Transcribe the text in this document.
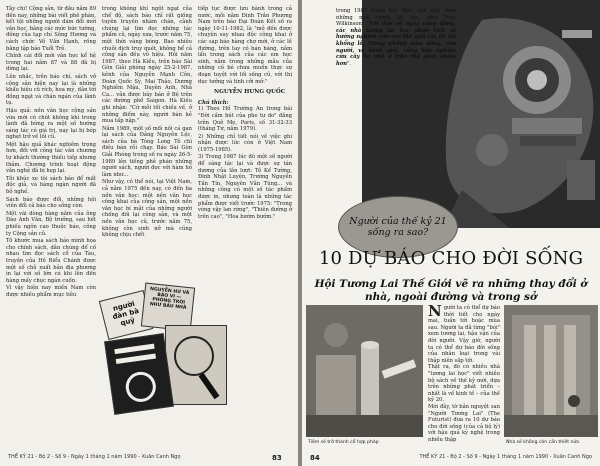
Tây chi! Cộng sản, từ đầu năm 89 đến nay, những bài viết phê phán, kết tội những người dám đổi mới văn học, bằng các mức bức tường, đông của tạp chí Sông Hương và cách chức Võ Văn Hạnh, rồng bằng tập báo Tuổi Trẻ.

Chính cái đổi mới văn học kể hệ trong hai năm 87 và 88 đã bị dừng lại.

Lên nhắc, trên báo chí, sách vở cộng sản hiện nay lại là những khẩu hiệu cũ rích, hoa mỹ, dẫn tới đồng ngạt và chán ngán của lãnh tụ.

Hậu quả: nền văn học cộng sản vừa mới có chút không khí trong lành đã bừng ra một số hướng sáng tác có giá trị, nay lại bị bóp nghẹt trở về lối cũ.

Một hậu quả khác nghiêm trọng hơn, đối với công tác văn chương tự khách thường thiếu tiếp nhưng thảm. Chương trình hoạt động văn nghệ đã bị hẹp lại.

Tôi khúc xe tôi sách báo để mất độc giả, và hàng ngàn người đã bỏ nghề.

Sách báo được đổi, những hội viên đổi cả báo cho sống còn.

Một vài dòng hàng năm của ông Đào Anh Văn, Bộ trưởng, sau hết phiếu ngôn cao thuộc báo, công ty Cộng sản cũ.

Tô khước mua sách báo minh họa cho chính sách, dẫn chúng để cố nhau tìm đọc sách cổ của Tàu, truyện của Hồ Biểu Chánh được một số chủ xuất bản địa phương in lại với số lớn có khi lên đến hàng mấy chục ngàn cuốn.

Vì vậy hiện nay miền Nam còn được nhiều phẩm mục tiêu

trong không khí ngột ngạt của chế độ, sách báo chỉ rất giống tuyên truyền nhàm chán, cảnh chúng lại tìm đọc những tác phẩm cũ, ngày xưa, trước năm 75, một thời vàng bóng. Bao nhiêu chuỗi dịch truy quét, không bể cả công sản đều vô hiệu. Hồi năm 1987, theo Hà Kiều, trên báo Sài Gòn Giải phóng ngày 25-2-1987, kênh của Nguyễn Mạnh Côn, Đoàn Quốc Sỹ, Mai Thảo, Dương Nghiễm Mậu, Duyên Anh, Nhã Ca... vẫn được bày bán ở Bệ trên các đường phố Saigon. Hà Kiều ghi nhận: "Cứ mỗi tối chiều về, ở những điểm này, người bán kẻ mua tấp nập."

Năm 1989, một số mối nồi cá gan lại sách của Đảng Nguyên Lộc, sách của bà Tông Long Tô chì điều bán rỗi chạy. Báo Sài Gòn Giải Phóng trong số ra ngày 26-5-1989 lên tiếng phê phán những người sách, người đọc với hàm hồ làm như...

Như vậy, có thể nói, tại Việt Nam, cả năm 1975 đến nay, có đến ba nền văn học: một nền văn học công khai của công sản, một nền văn học bí mật của những người chống đối lại công sản, và một nền văn học cũ, trước năm 75, không còn sinh nở mà cũng không chịu chết

người đàn bà quỷ
NGUYỄN HƯ VÀ BẢO VI — PHỎNG TRỜI NHƯ BẦU NHÀ

tiếp tục được lưu hành trong cả nước, mỗi năm Đinh Trần Phương Nam trên báo Đại Đoàn Kết số ra ngày 10-11-1982, là "mỏ đến được chuyện suy nhau độc công khai ở các sạp báo hàng chợ mới, ở các lề đường, trên tay có bán hàng, nằm lẩn trong sách của các em học sinh, nằm trong những mẫu của những cô bé chưa muốn thực sự đoạn tuyệt với lối sống cũ, với thị dục tưởng và tính cởi mở."

NGUYỄN HƯNG QUỐC
Chú thích:

1) Theo Hồ Trường An trong bài "Đời cầm bút của phe tự do" đăng trên Quê Mẹ, Paris, số 31-32-33 (tháng Tư, năm 1979).

2) Những chỉ tiết nói về việc ghi nhận được lúc còn ở Việt Nam (1975-1985).

3) Trong 1987 lúc đó một số người để sáng tác lại và được sự tán dương của lần lượt: Tô Kế Tường, Đinh Nhật Luyện, Trường Nguyễn Tấn Tín, Nguyên Văn Tùng... và những công có một số tác phẩm được in, nhưng toàn là những tác phẩm được viết trước 1975: "Trong vòng vậy lan rừng", "Thiên đường ở trên cao", "Hoa bướm bướm."

THẾ KỶ 21 - Bộ 2 - Số 9 - Ngày 1 tháng 1 năm 1990 - Xuân Canh Ngọ	83
trong 1987 trong hai "đợt" văn này, theo những nhà tương lai học, như Tony Wilkinson: "Với dân số ngày càng đông, các nhà tương lai học phân tích sẽ hướng nghiên cứu vào thế giới các đô thị khổng lồ. Trong những mùa đông, con người, và bệnh giải, cộng hòa nghiên cứu cây họ nhỏ ở trên thế gian nhiều hơn".
Người của thế kỷ 21 sống ra sao?
10 DỰ BÁO CHO ĐỜI SỐNG
Hội Tương Lai Thế Giới vẽ ra những thay đổi ở nhà, ngoài đường và trong sở

Người ta có thể dự báo thời tiết cho ngày mai, tuần tới hoặc mùa sau. Người ta đã từng "bói" xem tương lai, hậu vận của đời người. Vậy giờ, người ta có thể dự báo đời sống của nhân loại trong vài thập niên sắp tới.

Thật ra, đó có nhiều nhà "tương lai học" viết nhiều bộ sách về thế kỷ mới, dựa trên những phát triển – nhất là về kinh tế – của thế kỷ 20.

Mới đây, tờ bản nguyệt san "Người Tương Lai" (The Futurist) đưa ra 10 dự báo cho đời sống (của cả bộ lý) với hậu quả kỹ nghệ trong nhiều thập

Tiêm sẽ trở thành cổ hợp pháp	Nhà sẽ không còn cần thiết nữa
84	THẾ KỶ 21 - Bộ 2 - Số 9 - Ngày 1 tháng 1 năm 1990 - Xuân Canh Ngọ
